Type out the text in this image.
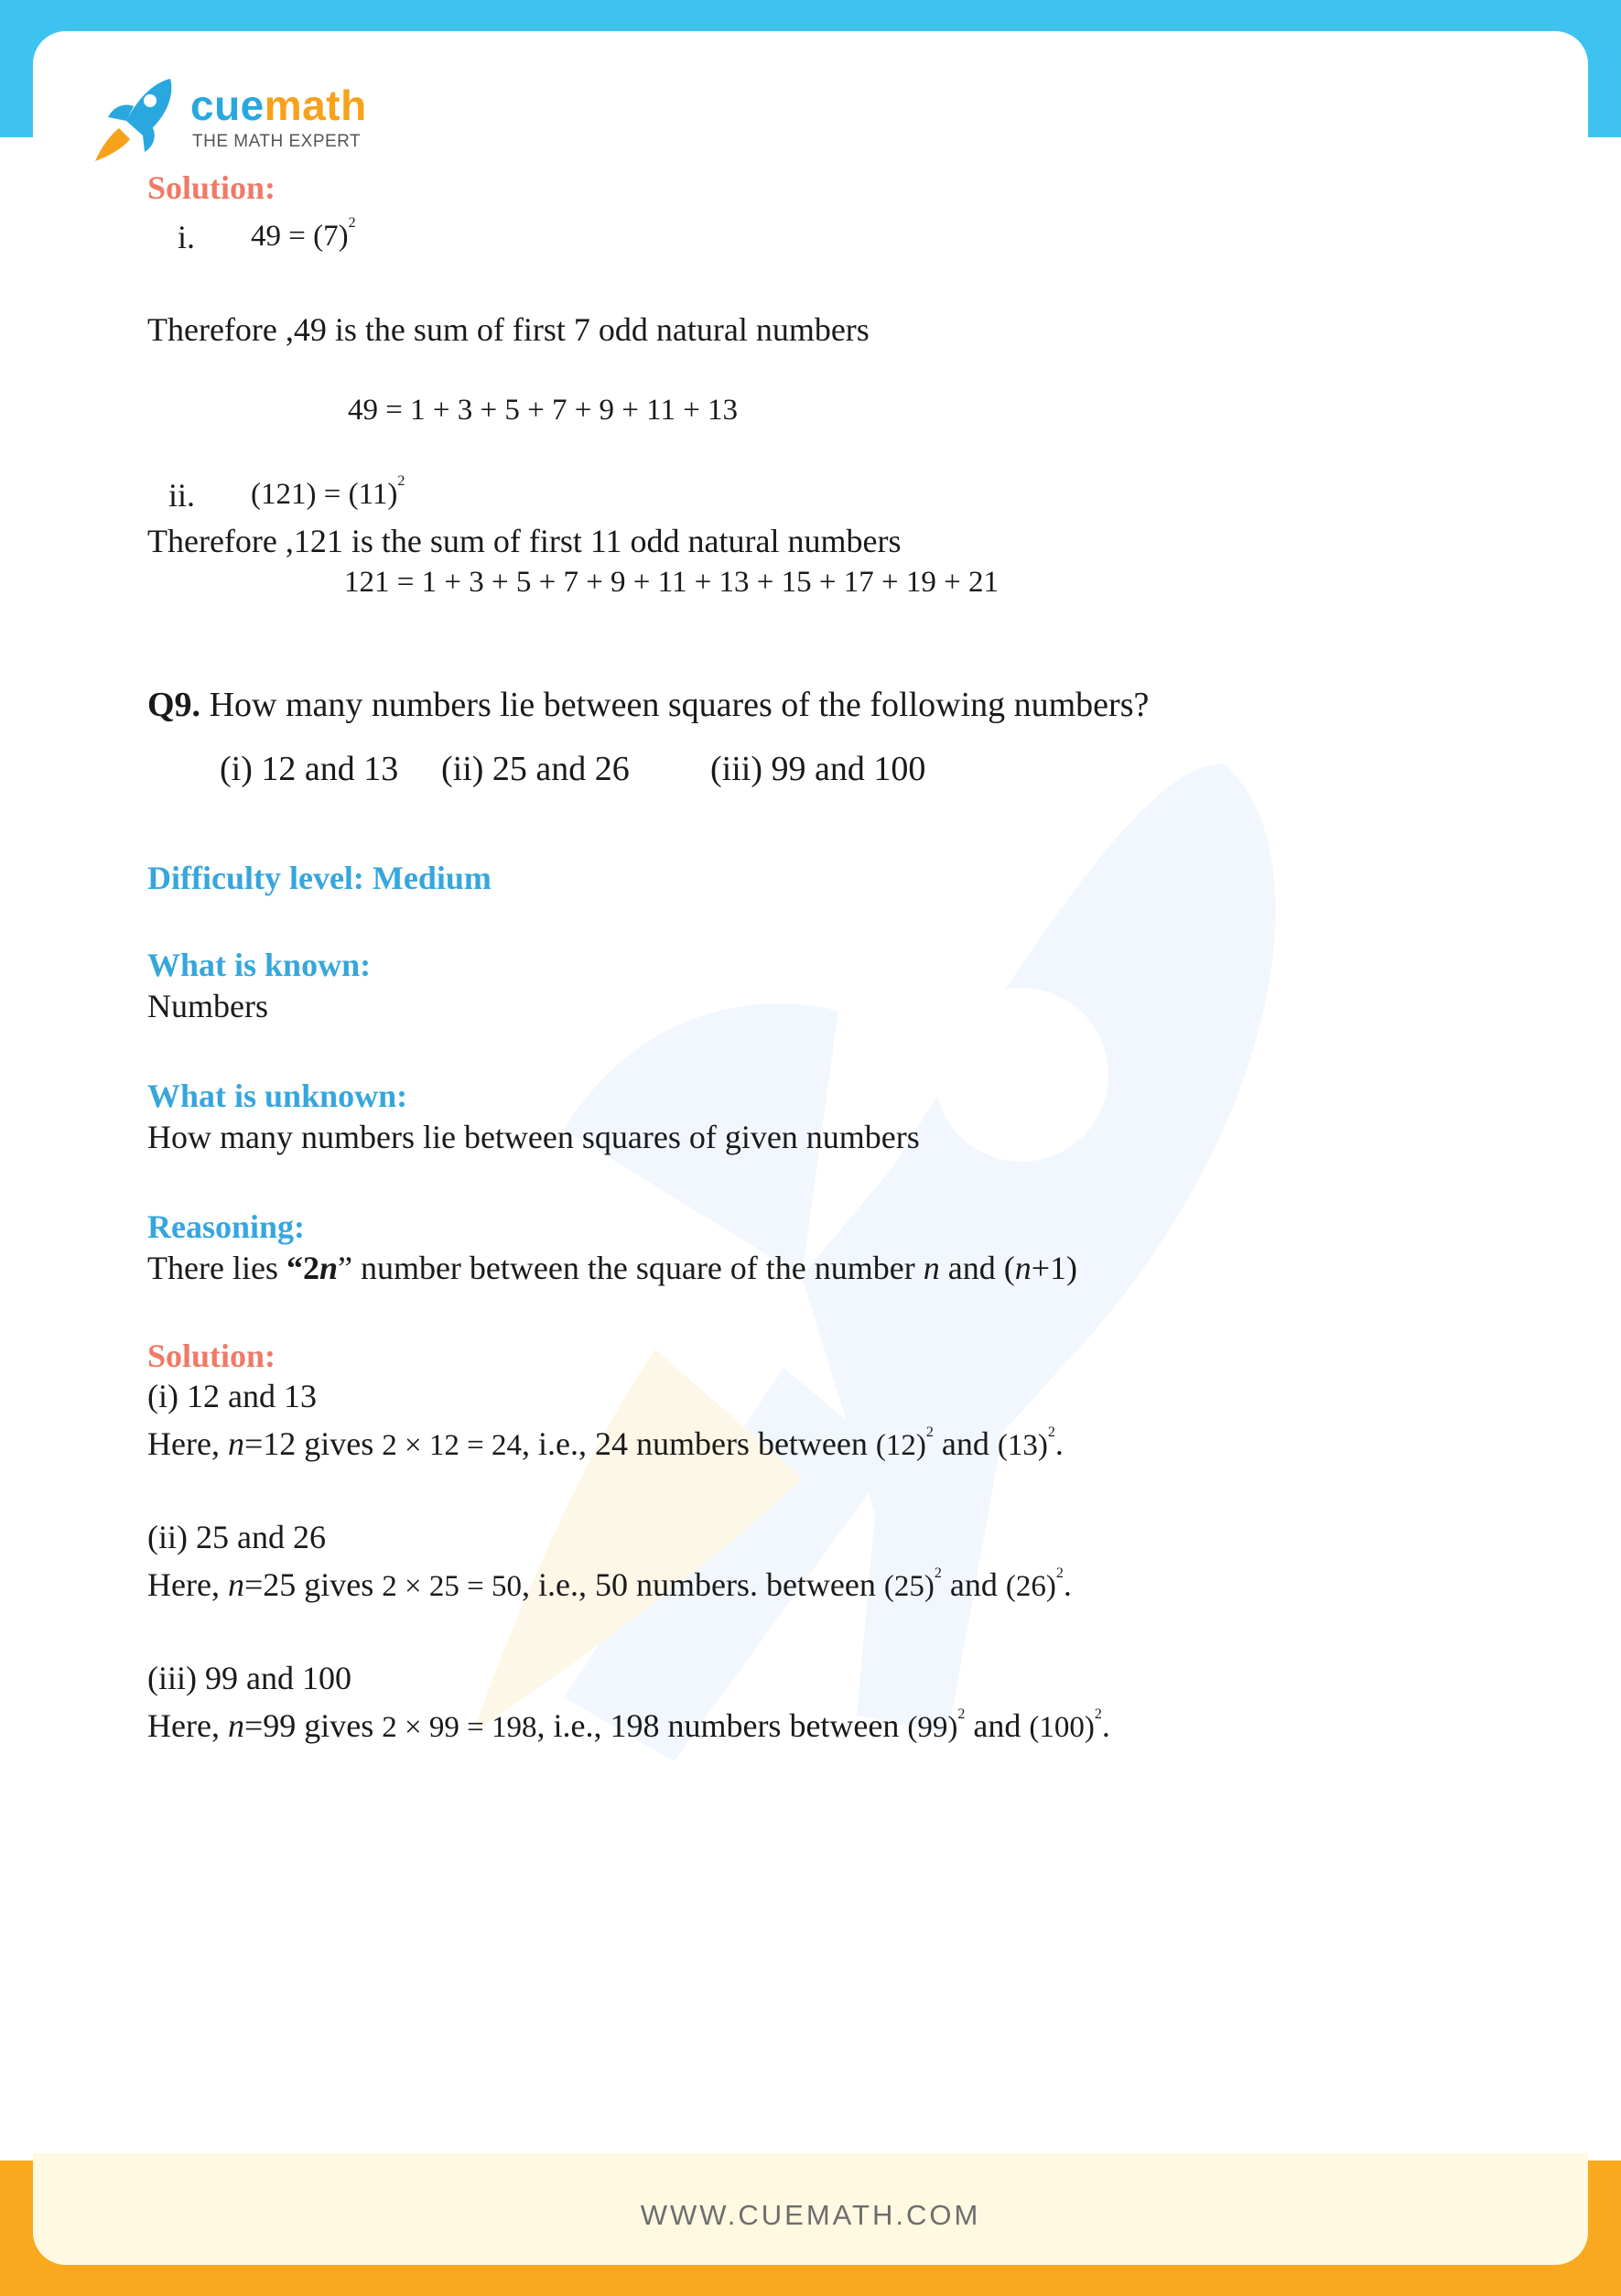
WWW.CUEMATH.COM
cuemath
THE MATH EXPERT
Solution:
i. $49 = (7)^2$
Therefore ,49 is the sum of first 7 odd natural numbers
49 = 1 + 3 + 5 + 7 + 9 + 11 + 13
ii. $(121) = (11)^2$
Therefore ,121 is the sum of first 11 odd natural numbers
121 = 1 + 3 + 5 + 7 + 9 + 11 + 13 + 15 + 17 + 19 + 21
Q9. How many numbers lie between squares of the following numbers?
(i) 12 and 13 (ii) 25 and 26 (iii) 99 and 100
Difficulty level: Medium
What is known:
Numbers
What is unknown:
How many numbers lie between squares of given numbers
Reasoning:
There lies “2n” number between the square of the number n and (n+1)
Solution:
(i) 12 and 13
Here, n=12 gives 2 × 12 = 24, i.e., 24 numbers between $(12)^2$ and $(13)^2$.
(ii) 25 and 26
Here, n=25 gives 2 × 25 = 50, i.e., 50 numbers. between $(25)^2$ and $(26)^2$.
(iii) 99 and 100
Here, n=99 gives 2 × 99 = 198, i.e., 198 numbers between $(99)^2$ and $(100)^2$.
